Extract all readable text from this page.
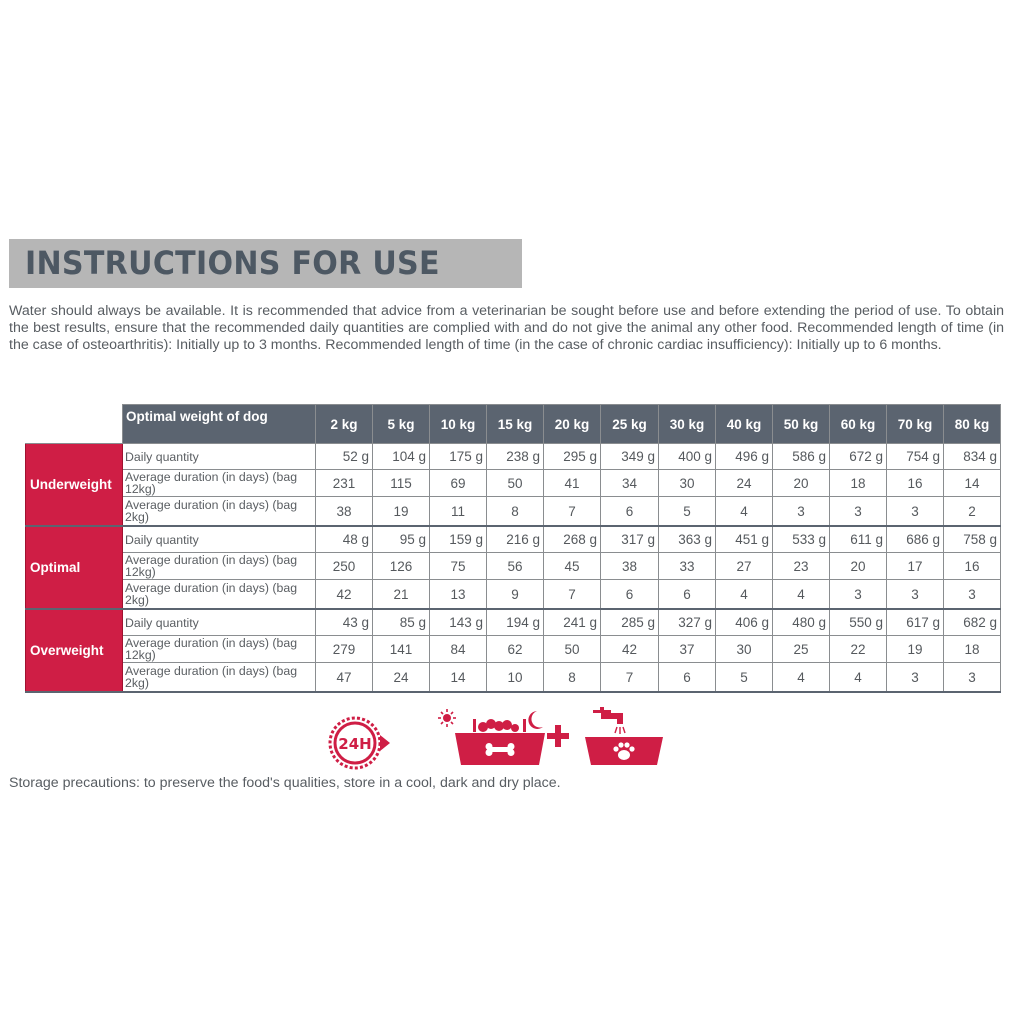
INSTRUCTIONS FOR USE

Water should always be available. It is recommended that advice from a veterinarian be sought before use and before extending the period of use. To obtain the best results, ensure that the recommended daily quantities are complied with and do not give the animal any other food. Recommended length of time (in the case of osteoarthritis): Initially up to 3 months. Recommended length of time (in the case of chronic cardiac insufficiency): Initially up to 6 months.

	Optimal weight of dog	2 kg	5 kg	10 kg	15 kg	20 kg	25 kg	30 kg	40 kg	50 kg	60 kg	70 kg	80 kg
Underweight	Daily quantity	52 g	104 g	175 g	238 g	295 g	349 g	400 g	496 g	586 g	672 g	754 g	834 g
	Average duration (in days) (bag 12kg)	231	115	69	50	41	34	30	24	20	18	16	14
	Average duration (in days) (bag 2kg)	38	19	11	8	7	6	5	4	3	3	3	2
Optimal	Daily quantity	48 g	95 g	159 g	216 g	268 g	317 g	363 g	451 g	533 g	611 g	686 g	758 g
	Average duration (in days) (bag 12kg)	250	126	75	56	45	38	33	27	23	20	17	16
	Average duration (in days) (bag 2kg)	42	21	13	9	7	6	6	4	4	3	3	3
Overweight	Daily quantity	43 g	85 g	143 g	194 g	241 g	285 g	327 g	406 g	480 g	550 g	617 g	682 g
	Average duration (in days) (bag 12kg)	279	141	84	62	50	42	37	30	25	22	19	18
	Average duration (in days) (bag 2kg)	47	24	14	10	8	7	6	5	4	4	3	3
24H

Storage precautions: to preserve the food's qualities, store in a cool, dark and dry place.
